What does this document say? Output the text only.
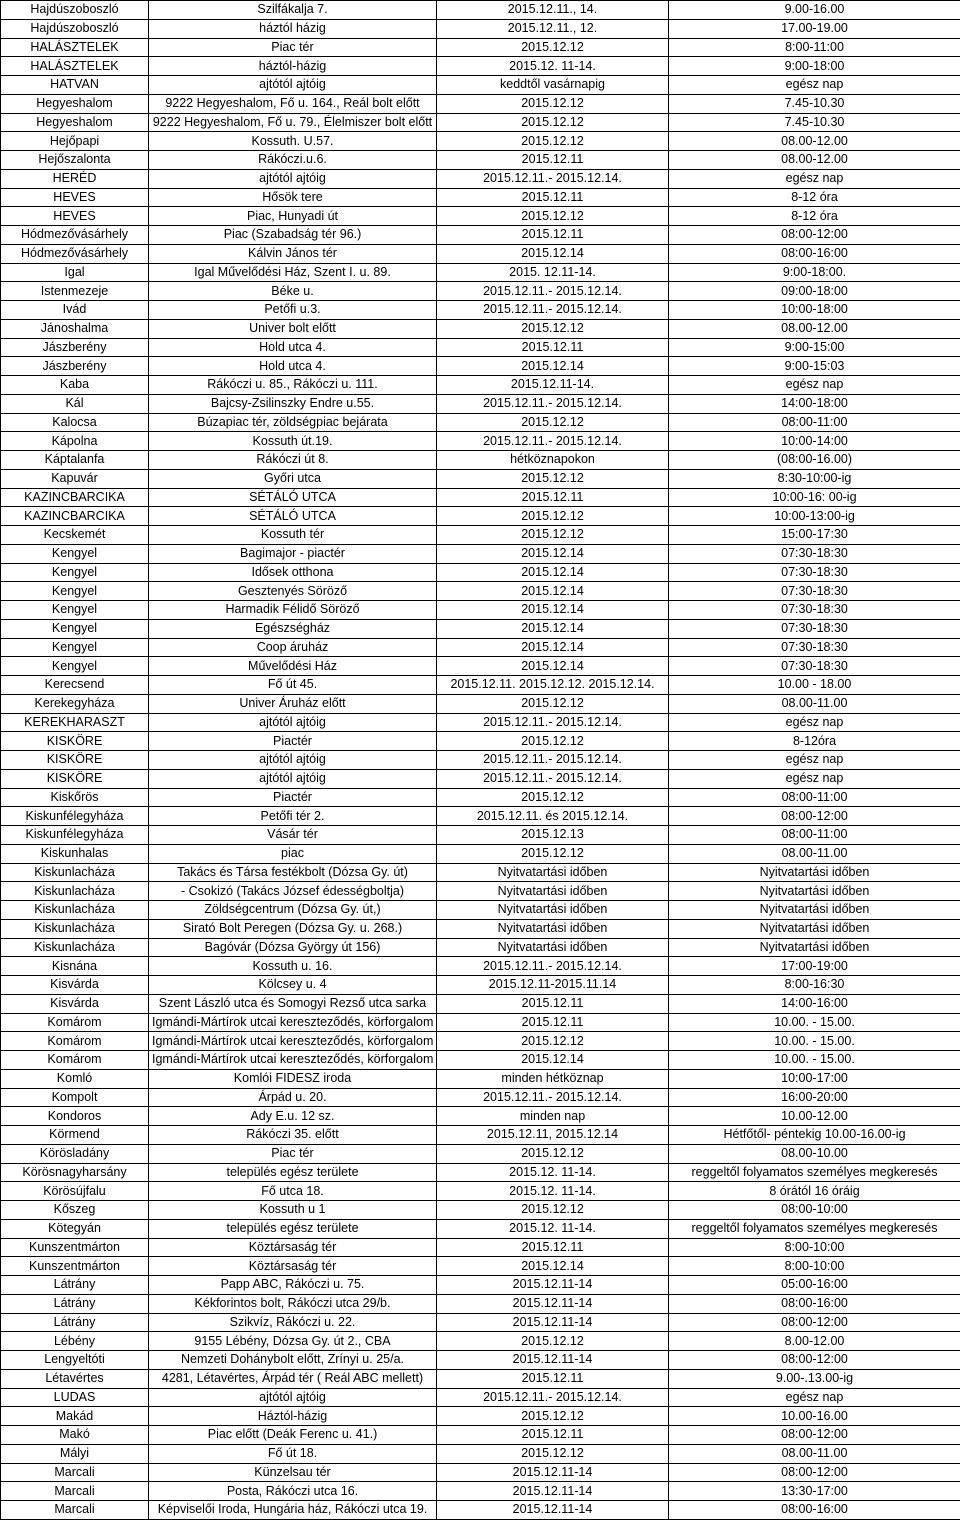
Hajdúszoboszló	Szilfákalja 7.	2015.12.11., 14.	9.00-16.00
Hajdúszoboszló	háztól házig	2015.12.11., 12.	17.00-19.00
HALÁSZTELEK	Piac tér	2015.12.12	8:00-11:00
HALÁSZTELEK	háztól-házig	2015.12. 11-14.	9:00-18:00
HATVAN	ajtótól ajtóig	keddtől vasárnapig	egész nap
Hegyeshalom	9222 Hegyeshalom, Fő u. 164., Reál bolt előtt	2015.12.12	7.45-10.30
Hegyeshalom	9222 Hegyeshalom, Fő u. 79., Élelmiszer bolt előtt	2015.12.12	7.45-10.30
Hejőpapi	Kossuth. U.57.	2015.12.12	08.00-12.00
Hejőszalonta	Rákóczi.u.6.	2015.12.11	08.00-12.00
HERÉD	ajtótól ajtóig	2015.12.11.- 2015.12.14.	egész nap
HEVES	Hősök tere	2015.12.11	8-12 óra
HEVES	Piac, Hunyadi út	2015.12.12	8-12 óra
Hódmezővásárhely	Piac (Szabadság tér 96.)	2015.12.11	08:00-12:00
Hódmezővásárhely	Kálvin János tér	2015.12.14	08:00-16:00
Igal	Igal Művelődési Ház, Szent I. u. 89.	2015. 12.11-14.	9:00-18:00.
Istenmezeje	Béke u.	2015.12.11.- 2015.12.14.	09:00-18:00
Ivád	Petőfi u.3.	2015.12.11.- 2015.12.14.	10:00-18:00
Jánoshalma	Univer bolt előtt	2015.12.12	08.00-12.00
Jászberény	Hold utca 4.	2015.12.11	9:00-15:00
Jászberény	Hold utca 4.	2015.12.14	9:00-15:03
Kaba	Rákóczi u. 85., Rákóczi u. 111.	2015.12.11-14.	egész nap
Kál	Bajcsy-Zsilinszky Endre u.55.	2015.12.11.- 2015.12.14.	14:00-18:00
Kalocsa	Búzapiac tér, zöldségpiac bejárata	2015.12.12	08:00-11:00
Kápolna	Kossuth út.19.	2015.12.11.- 2015.12.14.	10:00-14:00
Káptalanfa	Rákóczi út 8.	hétköznapokon	(08:00-16.00)
Kapuvár	Győri utca	2015.12.12	8:30-10:00-ig
KAZINCBARCIKA	SÉTÁLÓ UTCA	2015.12.11	10:00-16: 00-ig
KAZINCBARCIKA	SÉTÁLÓ UTCA	2015.12.12	10:00-13:00-ig
Kecskemét	Kossuth tér	2015.12.12	15:00-17:30
Kengyel	Bagimajor - piactér	2015.12.14	07:30-18:30
Kengyel	Idősek otthona	2015.12.14	07:30-18:30
Kengyel	Gesztenyés Söröző	2015.12.14	07:30-18:30
Kengyel	Harmadik Félidő Söröző	2015.12.14	07:30-18:30
Kengyel	Egészségház	2015.12.14	07:30-18:30
Kengyel	Coop áruház	2015.12.14	07:30-18:30
Kengyel	Művelődési Ház	2015.12.14	07:30-18:30
Kerecsend	Fő út 45.	2015.12.11. 2015.12.12. 2015.12.14.	10.00 - 18.00
Kerekegyháza	Univer Áruház előtt	2015.12.12	08.00-11.00
KEREKHARASZT	ajtótól ajtóig	2015.12.11.- 2015.12.14.	egész nap
KISKÖRE	Piactér	2015.12.12	8-12óra
KISKÖRE	ajtótól ajtóig	2015.12.11.- 2015.12.14.	egész nap
KISKÖRE	ajtótól ajtóig	2015.12.11.- 2015.12.14.	egész nap
Kiskőrös	Piactér	2015.12.12	08:00-11:00
Kiskunfélegyháza	Petőfi tér 2.	2015.12.11. és 2015.12.14.	08:00-12:00
Kiskunfélegyháza	Vásár tér	2015.12.13	08:00-11:00
Kiskunhalas	piac	2015.12.12	08.00-11.00
Kiskunlacháza	Takács és Társa festékbolt (Dózsa Gy. út)	Nyitvatartási időben	Nyitvatartási időben
Kiskunlacháza	- Csokizó (Takács József édességboltja)	Nyitvatartási időben	Nyitvatartási időben
Kiskunlacháza	Zöldségcentrum (Dózsa Gy. út,)	Nyitvatartási időben	Nyitvatartási időben
Kiskunlacháza	Sirató Bolt Peregen (Dózsa Gy. u. 268.)	Nyitvatartási időben	Nyitvatartási időben
Kiskunlacháza	Bagóvár (Dózsa György út 156)	Nyitvatartási időben	Nyitvatartási időben
Kisnána	Kossuth u. 16.	2015.12.11.- 2015.12.14.	17:00-19:00
Kisvárda	Kölcsey u. 4	2015.12.11-2015.11.14	8:00-16:30
Kisvárda	Szent László utca és Somogyi Rezső utca sarka	2015.12.11	14:00-16:00
Komárom	Igmándi-Mártírok utcai kereszteződés, körforgalom	2015.12.11	10.00. - 15.00.
Komárom	Igmándi-Mártírok utcai kereszteződés, körforgalom	2015.12.12	10.00. - 15.00.
Komárom	Igmándi-Mártírok utcai kereszteződés, körforgalom	2015.12.14	10.00. - 15.00.
Komló	Komlói FIDESZ iroda	minden hétköznap	10:00-17:00
Kompolt	Árpád u. 20.	2015.12.11.- 2015.12.14.	16:00-20:00
Kondoros	Ady E.u. 12 sz.	minden nap	10.00-12.00
Körmend	Rákóczi 35. előtt	2015.12.11, 2015.12.14	Hétfőtől- péntekig 10.00-16.00-ig
Körösladány	Piac tér	2015.12.12	08.00-10.00
Körösnagyharsány	település egész területe	2015.12. 11-14.	reggeltől folyamatos személyes megkeresés
Körösújfalu	Fő utca 18.	2015.12. 11-14.	8 órától 16 óráig
Kőszeg	Kossuth u 1	2015.12.12	08:00-10:00
Kötegyán	település egész területe	2015.12. 11-14.	reggeltől folyamatos személyes megkeresés
Kunszentmárton	Köztársaság tér	2015.12.11	8:00-10:00
Kunszentmárton	Köztársaság tér	2015.12.14	8:00-10:00
Látrány	Papp ABC, Rákóczi u. 75.	2015.12.11-14	05:00-16:00
Látrány	Kékforintos bolt, Rákóczi utca 29/b.	2015.12.11-14	08:00-16:00
Látrány	Szikvíz, Rákóczi u. 22.	2015.12.11-14	08:00-12:00
Lébény	9155 Lébény, Dózsa Gy. út 2., CBA	2015.12.12	8.00-12.00
Lengyeltóti	Nemzeti Dohánybolt előtt, Zrínyi u. 25/a.	2015.12.11-14	08:00-12:00
Létavértes	4281, Létavértes, Árpád tér ( Reál ABC mellett)	2015.12.11	9.00-.13.00-ig
LUDAS	ajtótól ajtóig	2015.12.11.- 2015.12.14.	egész nap
Makád	Háztól-házig	2015.12.12	10.00-16.00
Makó	Piac előtt (Deák Ferenc u. 41.)	2015.12.11	08:00-12:00
Mályi	Fő út 18.	2015.12.12	08.00-11.00
Marcali	Künzelsau tér	2015.12.11-14	08:00-12:00
Marcali	Posta, Rákóczi utca 16.	2015.12.11-14	13:30-17:00
Marcali	Képviselői Iroda, Hungária ház, Rákóczi utca 19.	2015.12.11-14	08:00-16:00
